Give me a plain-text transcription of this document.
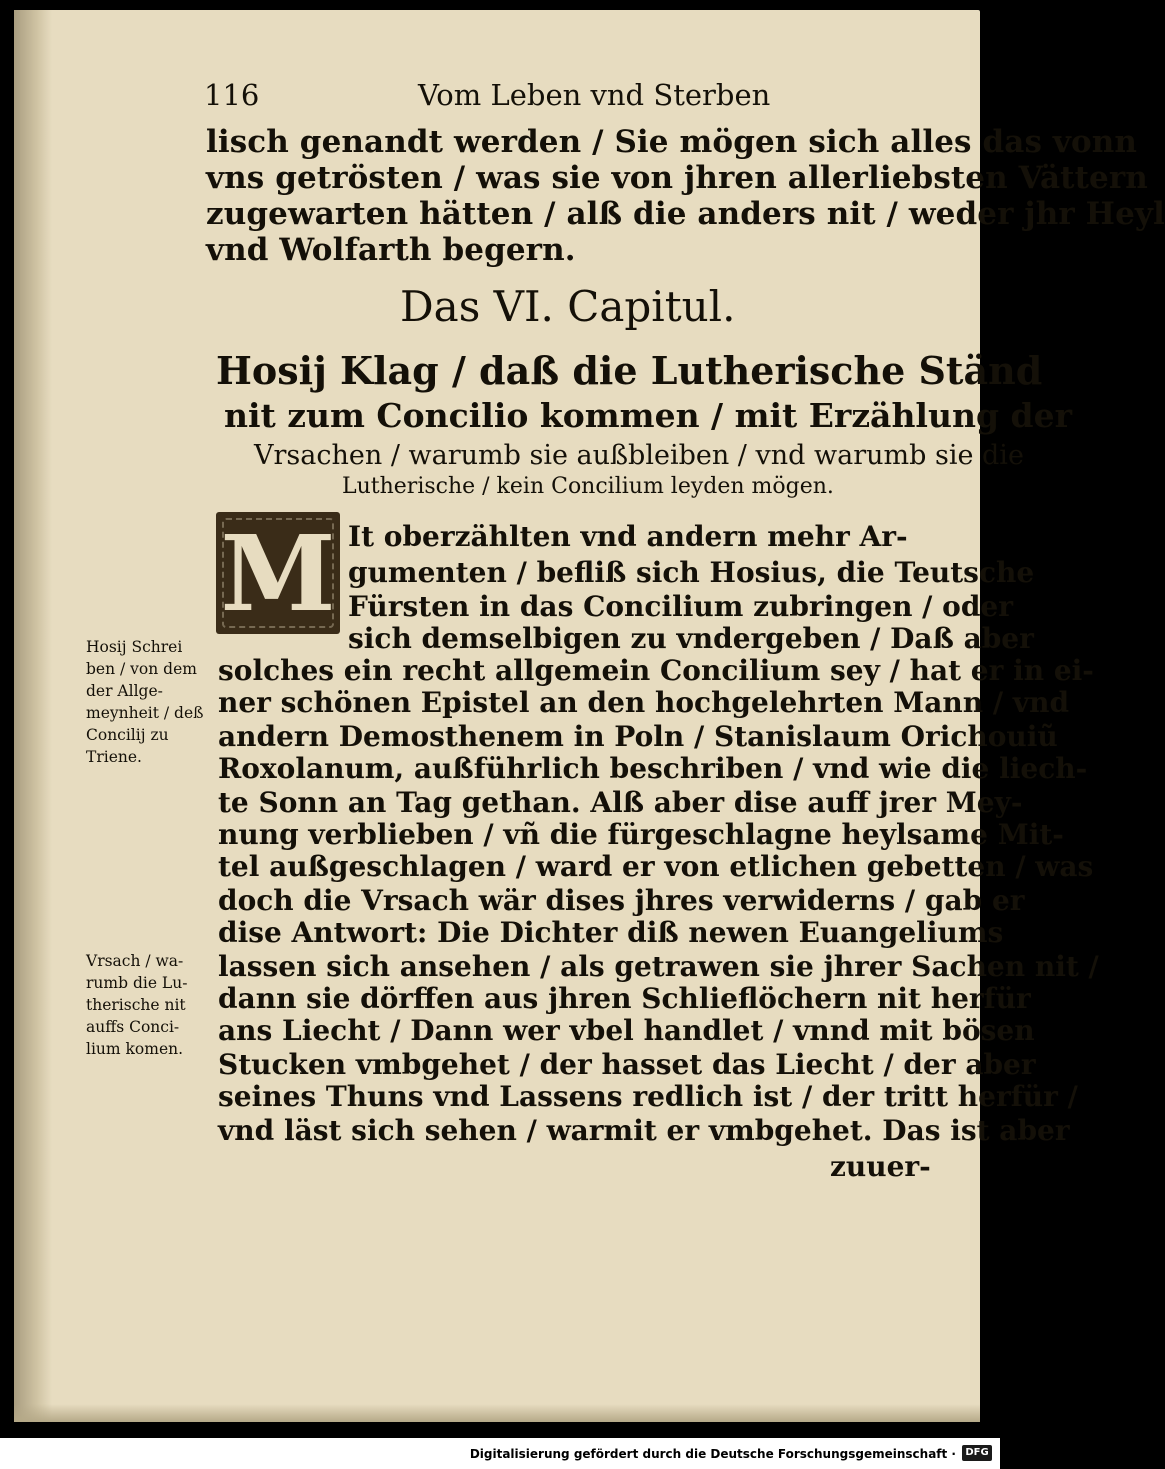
116	Vom Leben vnd Sterben
lisch genandt werden / Sie mögen sich alles das vonn
vns getrösten / was sie von jhren allerliebsten Vättern
zugewarten hätten / alß die anders nit / weder jhr Heyl
vnd Wolfarth begern.
Das VI. Capitul.
Hosij Klag / daß die Lutherische Ständ
nit zum Concilio kommen / mit Erzählung der
Vrsachen / warumb sie außbleiben / vnd warumb sie die
Lutherische / kein Concilium leyden mögen.
M It oberzählten vnd andern mehr Ar-
gumenten / befliß sich Hosius, die Teutsche
Fürsten in das Concilium zubringen / oder
sich demselbigen zu vndergeben / Daß aber
solches ein recht allgemein Concilium sey / hat er in ei-
ner schönen Epistel an den hochgelehrten Mann / vnd
andern Demosthenem in Poln / Stanislaum Orichouiũ
Roxolanum, außführlich beschriben / vnd wie die liech-
te Sonn an Tag gethan. Alß aber dise auff jrer Mey-
nung verblieben / vñ die fürgeschlagne heylsame Mit-
tel außgeschlagen / ward er von etlichen gebetten / was
doch die Vrsach wär dises jhres verwiderns / gab er
dise Antwort: Die Dichter diß newen Euangeliums
lassen sich ansehen / als getrawen sie jhrer Sachen nit /
dann sie dörffen aus jhren Schlieflöchern nit herfür
ans Liecht / Dann wer vbel handlet / vnnd mit bösen
Stucken vmbgehet / der hasset das Liecht / der aber
seines Thuns vnd Lassens redlich ist / der tritt herfür /
vnd läst sich sehen / warmit er vmbgehet. Das ist aber
zuuer-
Hosij Schrei
ben / von dem
der Allge-
meynheit / deß
Concilij zu
Triene.
Vrsach / wa-
rumb die Lu-
therische nit
auffs Conci-
lium komen.
Digitalisierung gefördert durch die Deutsche Forschungsgemeinschaft · DFG
